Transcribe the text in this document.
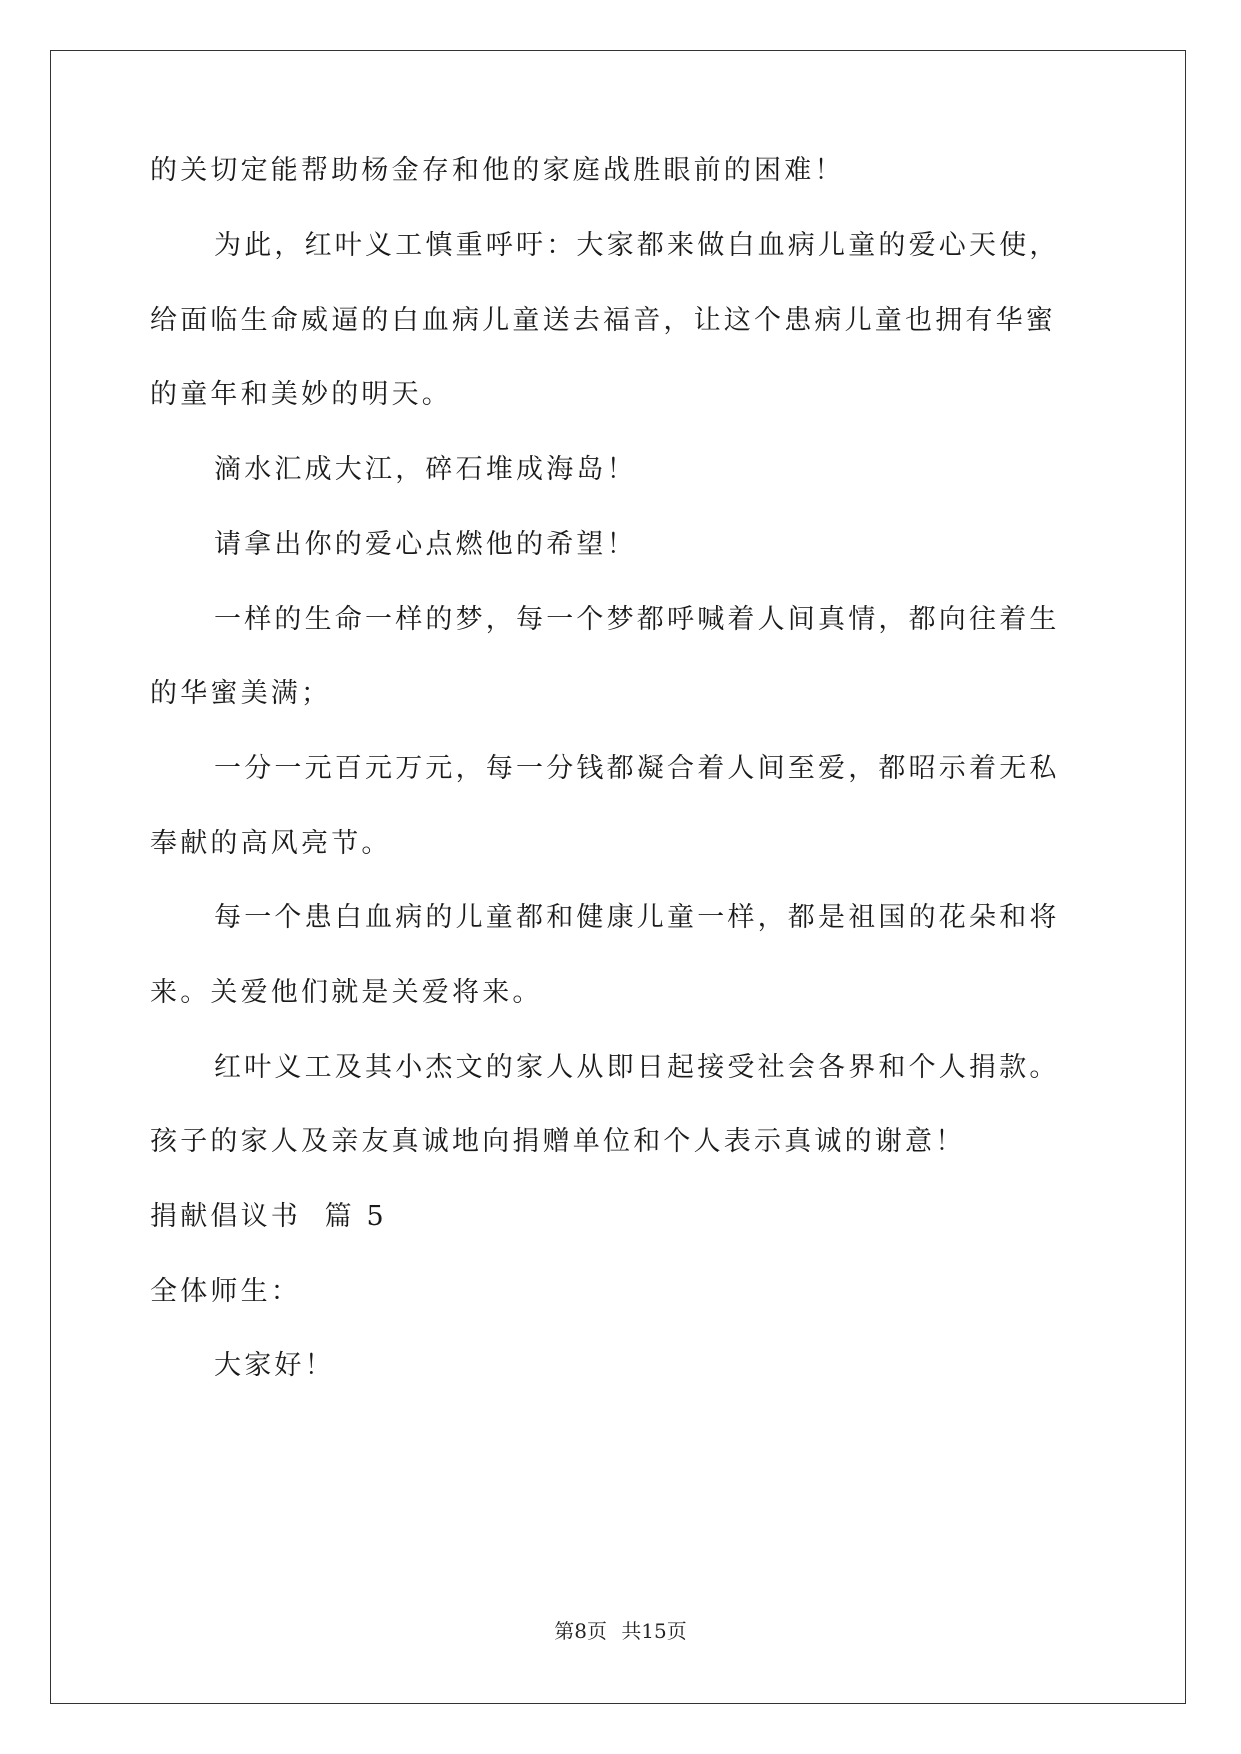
的关切定能帮助杨金存和他的家庭战胜眼前的困难！
为此，红叶义工慎重呼吁：大家都来做白血病儿童的爱心天使，
给面临生命威逼的白血病儿童送去福音，让这个患病儿童也拥有华蜜
的童年和美妙的明天。
滴水汇成大江，碎石堆成海岛！
请拿出你的爱心点燃他的希望！
一样的生命一样的梦，每一个梦都呼喊着人间真情，都向往着生
的华蜜美满；
一分一元百元万元，每一分钱都凝合着人间至爱，都昭示着无私
奉献的高风亮节。
每一个患白血病的儿童都和健康儿童一样，都是祖国的花朵和将
来。关爱他们就是关爱将来。
红叶义工及其小杰文的家人从即日起接受社会各界和个人捐款。
孩子的家人及亲友真诚地向捐赠单位和个人表示真诚的谢意！
捐献倡议书  篇 5
全体师生：
大家好！
第8页 共15页
